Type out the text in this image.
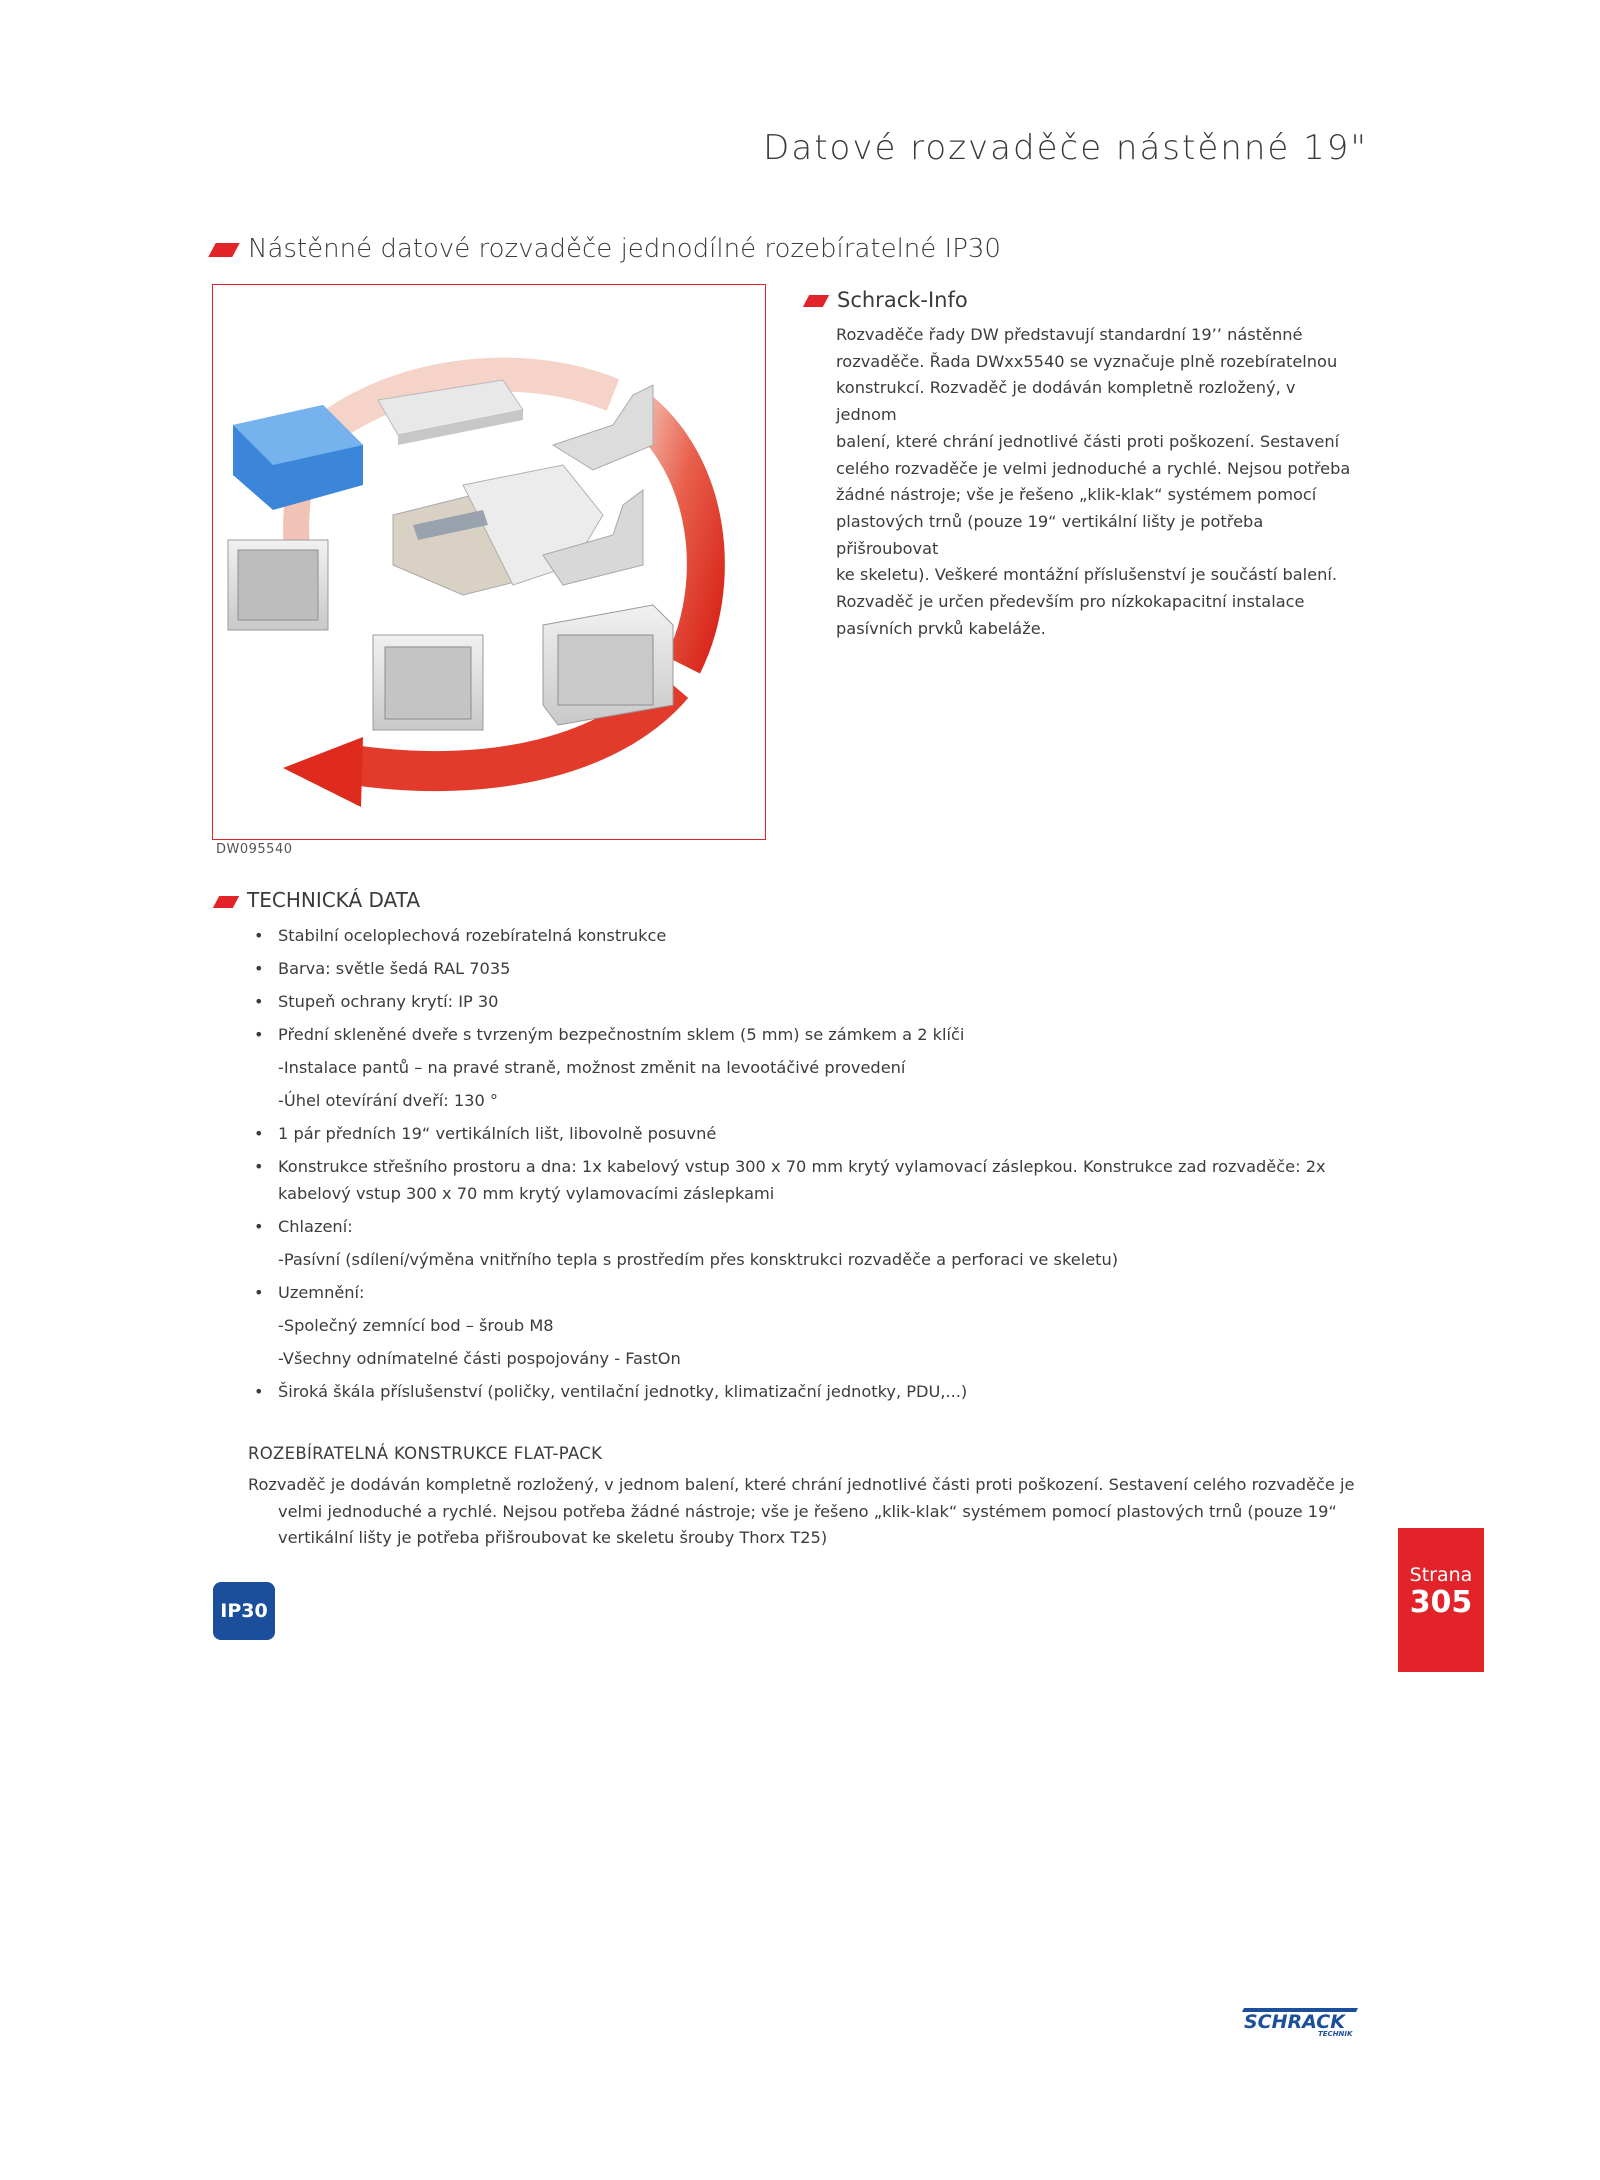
Datové rozvaděče nástěnné 19"
Nástěnné datové rozvaděče jednodílné rozebíratelné IP30
DW095540
Schrack-Info
Rozvaděče řady DW představují standardní 19’’ nástěnné
rozvaděče. Řada DWxx5540 se vyznačuje plně rozebíratelnou
konstrukcí. Rozvaděč je dodáván kompletně rozložený, v jednom
balení, které chrání jednotlivé části proti poškození. Sestavení
celého rozvaděče je velmi jednoduché a rychlé. Nejsou potřeba
žádné nástroje; vše je řešeno „klik-klak“ systémem pomocí
plastových trnů (pouze 19“ vertikální lišty je potřeba přišroubovat
ke skeletu). Veškeré montážní příslušenství je součástí balení.
Rozvaděč je určen především pro nízkokapacitní instalace
pasívních prvků kabeláže.
TECHNICKÁ DATA
• Stabilní oceloplechová rozebíratelná konstrukce
• Barva: světle šedá RAL 7035
• Stupeň ochrany krytí: IP 30
• Přední skleněné dveře s tvrzeným bezpečnostním sklem (5 mm) se zámkem a 2 klíči
-Instalace pantů – na pravé straně, možnost změnit na levootáčivé provedení
-Úhel otevírání dveří: 130 °
• 1 pár předních 19“ vertikálních lišt, libovolně posuvné
• Konstrukce střešního prostoru a dna: 1x kabelový vstup 300 x 70 mm krytý vylamovací záslepkou. Konstrukce zad rozvaděče: 2x kabelový vstup 300 x 70 mm krytý vylamovacími záslepkami
• Chlazení:
-Pasívní (sdílení/výměna vnitřního tepla s prostředím přes konsktrukci rozvaděče a perforaci ve skeletu)
• Uzemnění:
-Společný zemnící bod – šroub M8
-Všechny odnímatelné části pospojovány - FastOn
• Široká škála příslušenství (poličky, ventilační jednotky, klimatizační jednotky, PDU,...)
ROZEBÍRATELNÁ KONSTRUKCE FLAT-PACK
Rozvaděč je dodáván kompletně rozložený, v jednom balení, které chrání jednotlivé části proti poškození. Sestavení celého rozvaděče je velmi jednoduché a rychlé. Nejsou potřeba žádné nástroje; vše je řešeno „klik-klak“ systémem pomocí plastových trnů (pouze 19“ vertikální lišty je potřeba přišroubovat ke skeletu šrouby Thorx T25)
IP30
Strana
305
SCHRACK
TECHNIK
